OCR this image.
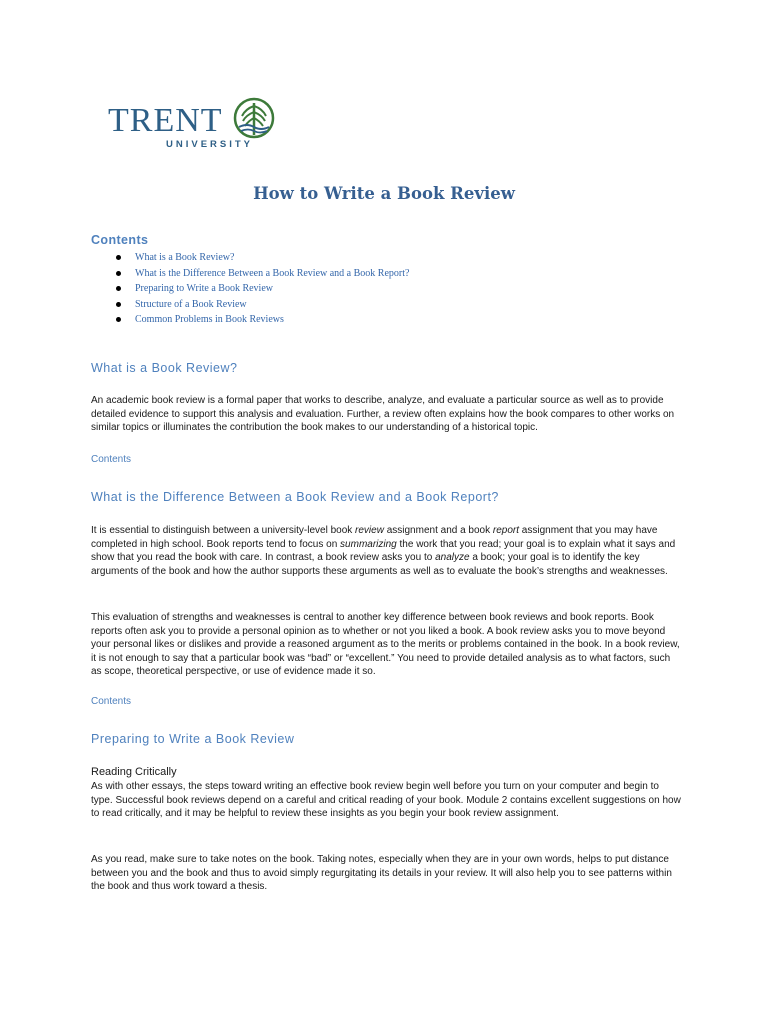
TRENT
UNIVERSITY
How to Write a Book Review
Contents
What is a Book Review?
What is the Difference Between a Book Review and a Book Report?
Preparing to Write a Book Review
Structure of a Book Review
Common Problems in Book Reviews
What is a Book Review?

An academic book review is a formal paper that works to describe, analyze, and evaluate a particular source as well as to provide detailed evidence to support this analysis and evaluation. Further, a review often explains how the book compares to other works on similar topics or illuminates the contribution the book makes to our understanding of a historical topic.

Contents

What is the Difference Between a Book Review and a Book Report?

It is essential to distinguish between a university-level book review assignment and a book report assignment that you may have completed in high school. Book reports tend to focus on summarizing the work that you read; your goal is to explain what it says and show that you read the book with care. In contrast, a book review asks you to analyze a book; your goal is to identify the key arguments of the book and how the author supports these arguments as well as to evaluate the book’s strengths and weaknesses.

This evaluation of strengths and weaknesses is central to another key difference between book reviews and book reports. Book reports often ask you to provide a personal opinion as to whether or not you liked a book. A book review asks you to move beyond your personal likes or dislikes and provide a reasoned argument as to the merits or problems contained in the book. In a book review, it is not enough to say that a particular book was “bad” or “excellent.” You need to provide detailed analysis as to what factors, such as scope, theoretical perspective, or use of evidence made it so.

Contents

Preparing to Write a Book Review
Reading Critically

As with other essays, the steps toward writing an effective book review begin well before you turn on your computer and begin to type. Successful book reviews depend on a careful and critical reading of your book. Module 2 contains excellent suggestions on how to read critically, and it may be helpful to review these insights as you begin your book review assignment.

As you read, make sure to take notes on the book. Taking notes, especially when they are in your own words, helps to put distance between you and the book and thus to avoid simply regurgitating its details in your review. It will also help you to see patterns within the book and thus work toward a thesis.
